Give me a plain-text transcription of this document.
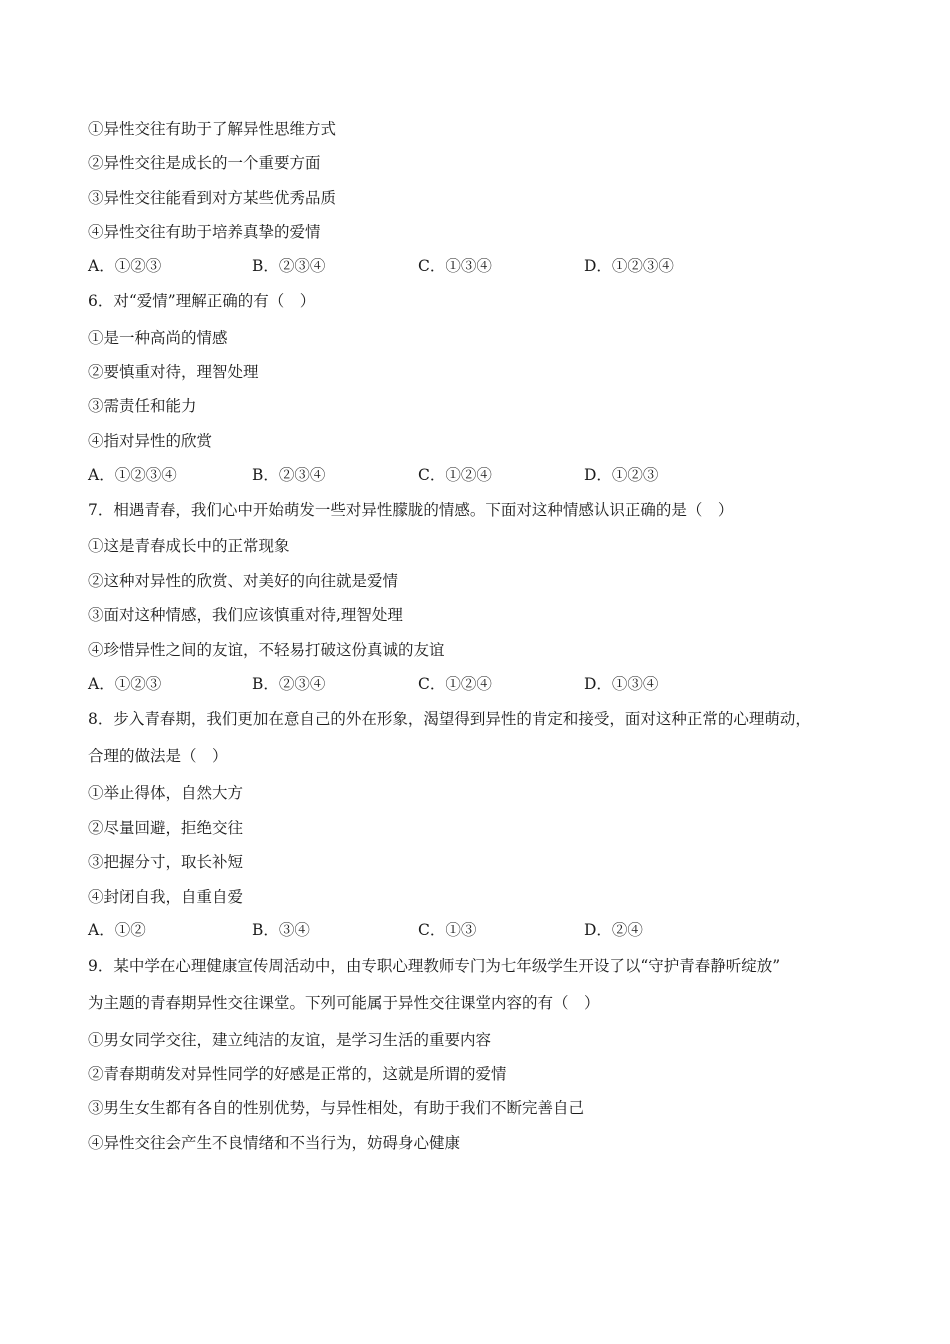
①异性交往有助于了解异性思维方式
②异性交往是成长的一个重要方面
③异性交往能看到对方某些优秀品质
④异性交往有助于培养真挚的爱情
A．①②③	B．②③④	C．①③④	D．①②③④
6．对“爱情”理解正确的有（　）
①是一种高尚的情感
②要慎重对待，理智处理
③需责任和能力
④指对异性的欣赏
A．①②③④	B．②③④	C．①②④	D．①②③
7．相遇青春，我们心中开始萌发一些对异性朦胧的情感。下面对这种情感认识正确的是（　）
①这是青春成长中的正常现象
②这种对异性的欣赏、对美好的向往就是爱情
③面对这种情感，我们应该慎重对待,理智处理
④珍惜异性之间的友谊，不轻易打破这份真诚的友谊
A．①②③	B．②③④	C．①②④	D．①③④
8．步入青春期，我们更加在意自己的外在形象，渴望得到异性的肯定和接受，面对这种正常的心理萌动，
合理的做法是（　）
①举止得体，自然大方
②尽量回避，拒绝交往
③把握分寸，取长补短
④封闭自我，自重自爱
A．①②	B．③④	C．①③	D．②④
9．某中学在心理健康宣传周活动中，由专职心理教师专门为七年级学生开设了以“守护青春静听绽放”
为主题的青春期异性交往课堂。下列可能属于异性交往课堂内容的有（　）
①男女同学交往，建立纯洁的友谊，是学习生活的重要内容
②青春期萌发对异性同学的好感是正常的，这就是所谓的爱情
③男生女生都有各自的性别优势，与异性相处，有助于我们不断完善自己
④异性交往会产生不良情绪和不当行为，妨碍身心健康
